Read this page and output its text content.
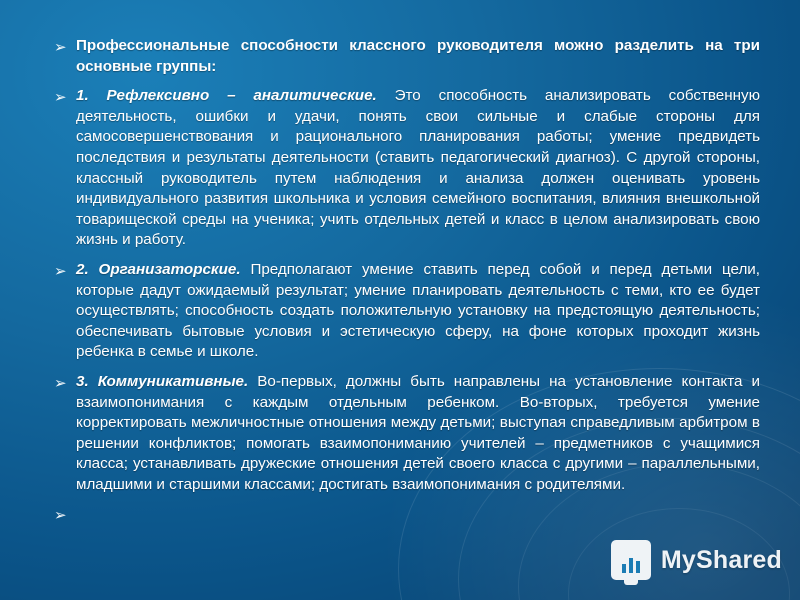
➢ Профессиональные способности классного руководителя можно разделить на три основные группы:
➢ 1. Рефлексивно – аналитические. Это способность анализировать собственную деятельность, ошибки и удачи, понять свои сильные и слабые стороны для самосовершенствования и рационального планирования работы; умение предвидеть последствия и результаты деятельности (ставить педагогический диагноз). С другой стороны, классный руководитель путем наблюдения и анализа должен оценивать уровень индивидуального развития школьника и условия семейного воспитания, влияния внешкольной товарищеской среды на ученика; учить отдельных детей и класс в целом анализировать свою жизнь и работу.
➢ 2. Организаторские. Предполагают умение ставить перед собой и перед детьми цели, которые дадут ожидаемый результат; умение планировать деятельность с теми, кто ее будет осуществлять; способность создать положительную установку на предстоящую деятельность; обеспечивать бытовые условия и эстетическую сферу, на фоне которых проходит жизнь ребенка в семье и школе.
➢ 3. Коммуникативные. Во-первых, должны быть направлены на установление контакта и взаимопонимания с каждым отдельным ребенком. Во-вторых, требуется умение корректировать межличностные отношения между детьми; выступая справедливым арбитром в решении конфликтов; помогать взаимопониманию учителей – предметников с учащимися класса; устанавливать дружеские отношения детей своего класса с другими – параллельными, младшими и старшими классами; достигать взаимопонимания с родителями.
➢
MyShared
